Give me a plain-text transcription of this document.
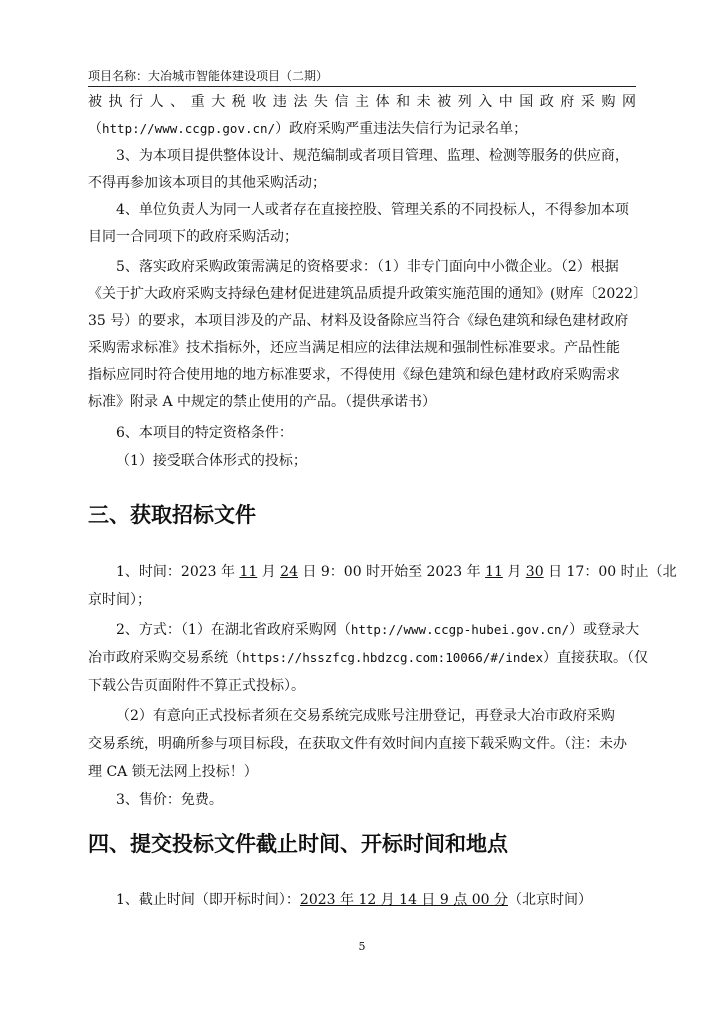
项目名称：大冶城市智能体建设项目（二期）
被执行人、重大税收违法失信主体和未被列入中国政府采购网
（http://www.ccgp.gov.cn/）政府采购严重违法失信行为记录名单；
3、为本项目提供整体设计、规范编制或者项目管理、监理、检测等服务的供应商，
不得再参加该本项目的其他采购活动；
4、单位负责人为同一人或者存在直接控股、管理关系的不同投标人，不得参加本项
目同一合同项下的政府采购活动；
5、落实政府采购政策需满足的资格要求：（1）非专门面向中小微企业。（2）根据
《关于扩大政府采购支持绿色建材促进建筑品质提升政策实施范围的通知》(财库〔2022〕
35 号）的要求，本项目涉及的产品、材料及设备除应当符合《绿色建筑和绿色建材政府
采购需求标准》技术指标外，还应当满足相应的法律法规和强制性标准要求。产品性能
指标应同时符合使用地的地方标准要求，不得使用《绿色建筑和绿色建材政府采购需求
标准》附录 A 中规定的禁止使用的产品。（提供承诺书）
6、本项目的特定资格条件：
（1）接受联合体形式的投标；
三、获取招标文件
1、时间：2023 年 11 月 24 日 9：00 时开始至 2023 年 11 月 30 日 17：00 时止（北
京时间）；
2、方式：（1）在湖北省政府采购网（http://www.ccgp-hubei.gov.cn/）或登录大
冶市政府采购交易系统（https://hsszfcg.hbdzcg.com:10066/#/index）直接获取。（仅
下载公告页面附件不算正式投标）。
（2）有意向正式投标者须在交易系统完成账号注册登记，再登录大冶市政府采购
交易系统，明确所参与项目标段，在获取文件有效时间内直接下载采购文件。（注：未办
理 CA 锁无法网上投标！）
3、售价：免费。
四、提交投标文件截止时间、开标时间和地点
1、截止时间（即开标时间）：2023 年 12 月 14 日 9 点 00 分（北京时间）
5
